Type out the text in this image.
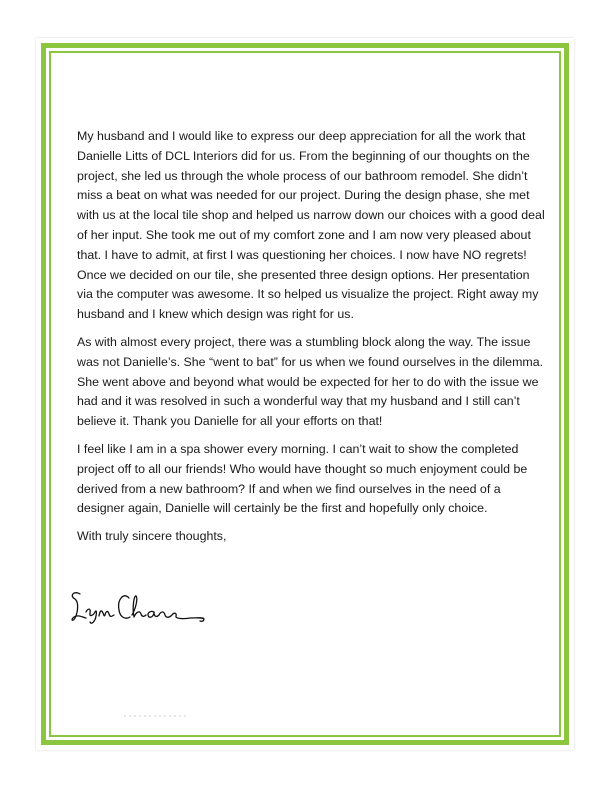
My husband and I would like to express our deep appreciation for all the work that Danielle Litts of DCL Interiors did for us. From the beginning of our thoughts on the project, she led us through the whole process of our bathroom remodel. She didn’t miss a beat on what was needed for our project. During the design phase, she met with us at the local tile shop and helped us narrow down our choices with a good deal of her input. She took me out of my comfort zone and I am now very pleased about that. I have to admit, at first I was questioning her choices. I now have NO regrets! Once we decided on our tile, she presented three design options. Her presentation via the computer was awesome. It so helped us visualize the project. Right away my husband and I knew which design was right for us.

As with almost every project, there was a stumbling block along the way. The issue was not Danielle’s. She “went to bat” for us when we found ourselves in the dilemma. She went above and beyond what would be expected for her to do with the issue we had and it was resolved in such a wonderful way that my husband and I still can’t believe it. Thank you Danielle for all your efforts on that!

I feel like I am in a spa shower every morning. I can’t wait to show the completed project off to all our friends! Who would have thought so much enjoyment could be derived from a new bathroom? If and when we find ourselves in the need of a designer again, Danielle will certainly be the first and hopefully only choice.

With truly sincere thoughts,
